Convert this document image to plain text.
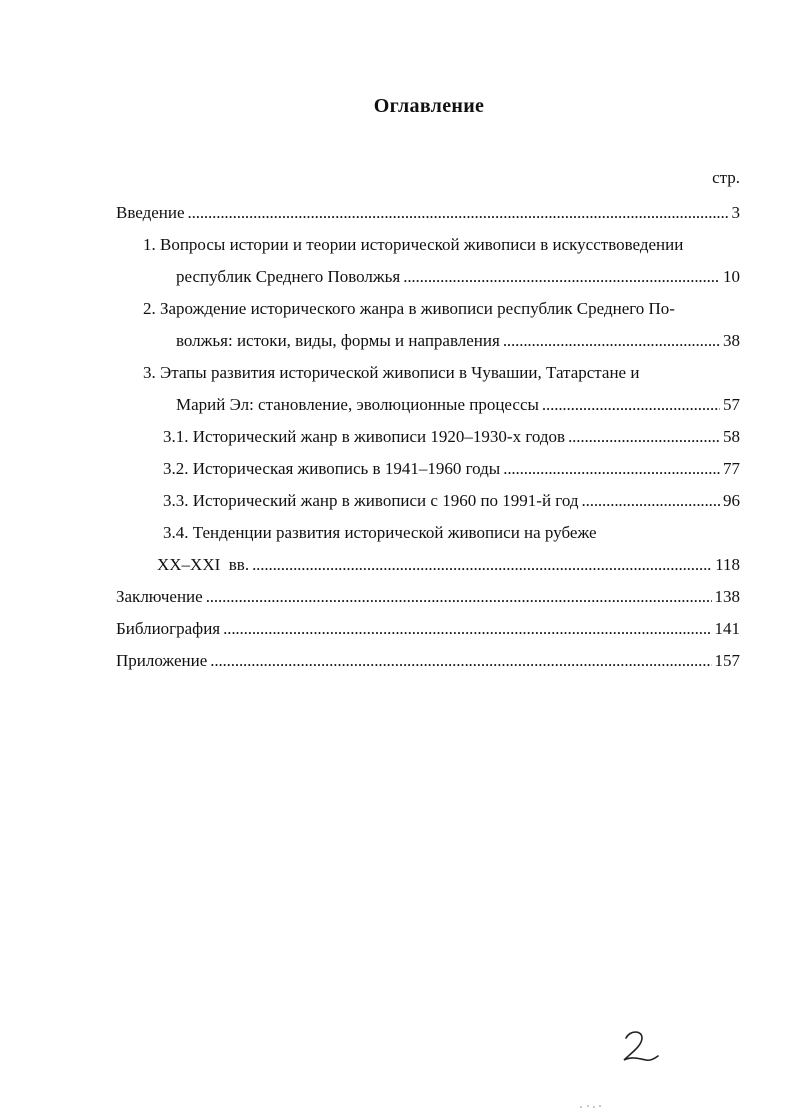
Оглавление
стр.
Введение . . .	3
1. Вопросы истории и теории исторической живописи в искусствоведении
республик Среднего Поволжья . . .	10
2. Зарождение исторического жанра в живописи республик Среднего По-
волжья: истоки, виды, формы и направления . . .	38
3. Этапы развития исторической живописи в Чувашии, Татарстане и
Марий Эл: становление, эволюционные процессы . . .	57
3.1. Исторический жанр в живописи 1920–1930-х годов . . .	58
3.2. Историческая живопись в 1941–1960 годы . . .	77
3.3. Исторический жанр в живописи с 1960 по 1991-й год . . .	96
3.4. Тенденции развития исторической живописи на рубеже
XX–XXI  вв. . . .	118
Заключение . . .	138
Библиография . . .	141
Приложение . . .	157
